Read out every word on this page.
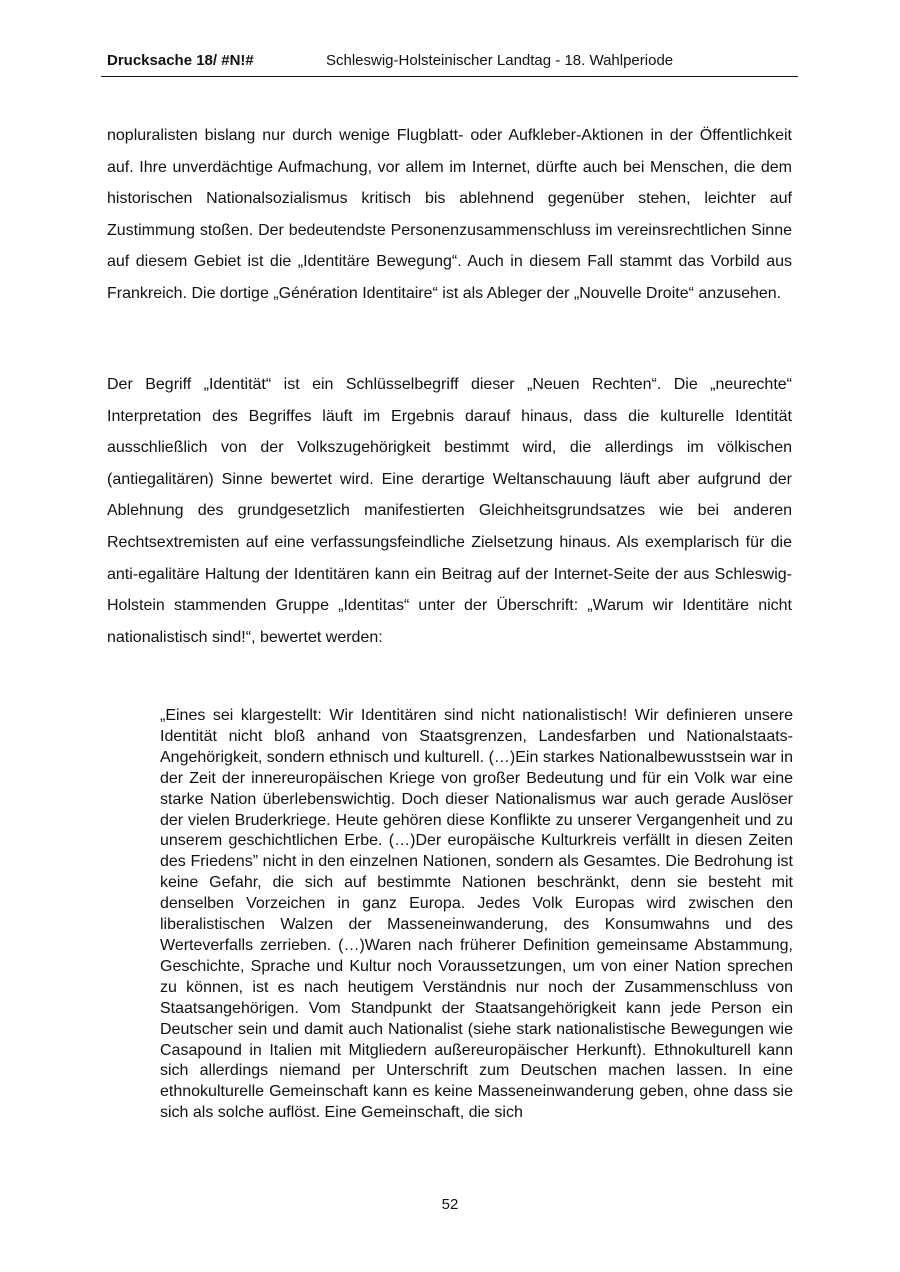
Drucksache 18/ #N!#	Schleswig-Holsteinischer Landtag - 18. Wahlperiode

nopluralisten bislang nur durch wenige Flugblatt- oder Aufkleber-Aktionen in der Öffentlichkeit auf. Ihre unverdächtige Aufmachung, vor allem im Internet, dürfte auch bei Menschen, die dem historischen Nationalsozialismus kritisch bis ablehnend gegenüber stehen, leichter auf Zustimmung stoßen. Der bedeutendste Personenzusammenschluss im vereinsrechtlichen Sinne auf diesem Gebiet ist die „Identitäre Bewegung“. Auch in diesem Fall stammt das Vorbild aus Frankreich. Die dortige „Génération Identitaire“ ist als Ableger der „Nouvelle Droite“ anzusehen.

Der Begriff „Identität“ ist ein Schlüsselbegriff dieser „Neuen Rechten“. Die „neurechte“ Interpretation des Begriffes läuft im Ergebnis darauf hinaus, dass die kulturelle Identität ausschließlich von der Volkszugehörigkeit bestimmt wird, die allerdings im völkischen (antiegalitären) Sinne bewertet wird. Eine derartige Weltanschauung läuft aber aufgrund der Ablehnung des grundgesetzlich manifestierten Gleichheitsgrundsatzes wie bei anderen Rechtsextremisten auf eine verfassungsfeindliche Zielsetzung hinaus. Als exemplarisch für die anti-egalitäre Haltung der Identitären kann ein Beitrag auf der Internet-Seite der aus Schleswig-Holstein stammenden Gruppe „Identitas“ unter der Überschrift: „Warum wir Identitäre nicht nationalistisch sind!“, bewertet werden:

„Eines sei klargestellt: Wir Identitären sind nicht nationalistisch! Wir definieren unsere Identität nicht bloß anhand von Staatsgrenzen, Landesfarben und Nationalstaats-Angehörigkeit, sondern ethnisch und kulturell. (…)Ein starkes Nationalbewusstsein war in der Zeit der innereuropäischen Kriege von großer Bedeutung und für ein Volk war eine starke Nation überlebenswichtig. Doch dieser Nationalismus war auch gerade Auslöser der vielen Bruderkriege. Heute gehören diese Konflikte zu unserer Vergangenheit und zu unserem geschichtlichen Erbe. (…)Der europäische Kulturkreis verfällt in diesen Zeiten des Friedens” nicht in den einzelnen Nationen, sondern als Gesamtes. Die Bedrohung ist keine Gefahr, die sich auf bestimmte Nationen beschränkt, denn sie besteht mit denselben Vorzeichen in ganz Europa. Jedes Volk Europas wird zwischen den liberalistischen Walzen der Masseneinwanderung, des Konsumwahns und des Werteverfalls zerrieben. (…)Waren nach früherer Definition gemeinsame Abstammung, Geschichte, Sprache und Kultur noch Voraussetzungen, um von einer Nation sprechen zu können, ist es nach heutigem Verständnis nur noch der Zusammenschluss von Staatsangehörigen. Vom Standpunkt der Staatsangehörigkeit kann jede Person ein Deutscher sein und damit auch Nationalist (siehe stark nationalistische Bewegungen wie Casapound in Italien mit Mitgliedern außereuropäischer Herkunft). Ethnokulturell kann sich allerdings niemand per Unterschrift zum Deutschen machen lassen. In eine ethnokulturelle Gemeinschaft kann es keine Masseneinwanderung geben, ohne dass sie sich als solche auflöst. Eine Gemeinschaft, die sich

52
